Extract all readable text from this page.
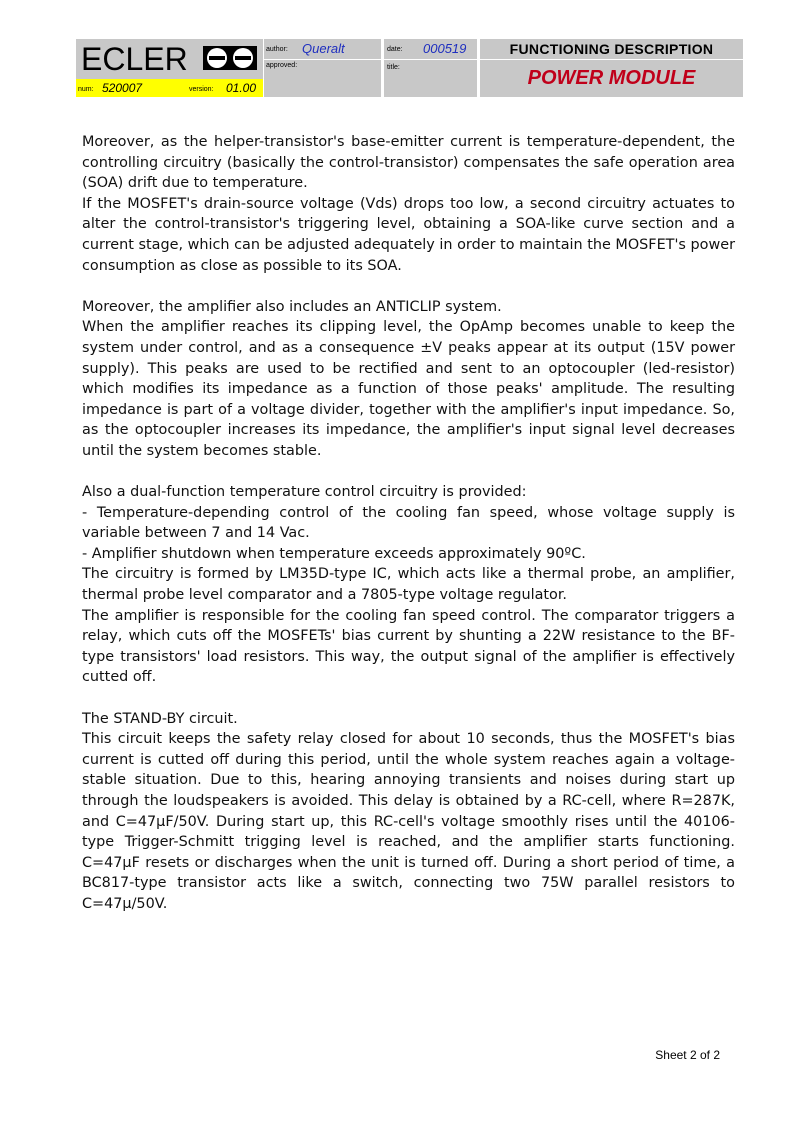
ECLER
num: 520007	version: 01.00
author: Queralt
approved:
date: 000519
title:
FUNCTIONING DESCRIPTION
POWER MODULE

Moreover, as the helper-transistor's base-emitter current is temperature-dependent, the controlling circuitry (basically the control-transistor) compensates the safe operation area (SOA) drift due to temperature.

If the MOSFET's drain-source voltage (Vds) drops too low, a second circuitry actuates to alter the control-transistor's triggering level, obtaining a SOA-like curve section and a current stage, which can be adjusted adequately in order to maintain the MOSFET's power consumption as close as possible to its SOA.

Moreover, the amplifier also includes an ANTICLIP system.

When the amplifier reaches its clipping level, the OpAmp becomes unable to keep the system under control, and as a consequence ±V peaks appear at its output (15V power supply). This peaks are used to be rectified and sent to an optocoupler (led-resistor) which modifies its impedance as a function of those peaks' amplitude. The resulting impedance is part of a voltage divider, together with the amplifier's input impedance. So, as the optocoupler increases its impedance, the amplifier's input signal level decreases until the system becomes stable.

Also a dual-function temperature control circuitry is provided:

- Temperature-depending control of the cooling fan speed, whose voltage supply is variable between 7 and 14 Vac.

- Amplifier shutdown when temperature exceeds approximately 90ºC.

The circuitry is formed by LM35D-type IC, which acts like a thermal probe, an amplifier, thermal probe level comparator and a 7805-type voltage regulator.

The amplifier is responsible for the cooling fan speed control. The comparator triggers a relay, which cuts off the MOSFETs' bias current by shunting a 22W resistance to the BF-type transistors' load resistors. This way, the output signal of the amplifier is effectively cutted off.

The STAND-BY circuit.

This circuit keeps the safety relay closed for about 10 seconds, thus the MOSFET's bias current is cutted off during this period, until the whole system reaches again a voltage-stable situation. Due to this, hearing annoying transients and noises during start up through the loudspeakers is avoided. This delay is obtained by a RC-cell, where R=287K, and C=47µF/50V. During start up, this RC-cell's voltage smoothly rises until the 40106-type Trigger-Schmitt trigging level is reached, and the amplifier starts functioning. C=47µF resets or discharges when the unit is turned off. During a short period of time, a BC817-type transistor acts like a switch, connecting two 75W parallel resistors to C=47µ/50V.

Sheet 2 of 2
